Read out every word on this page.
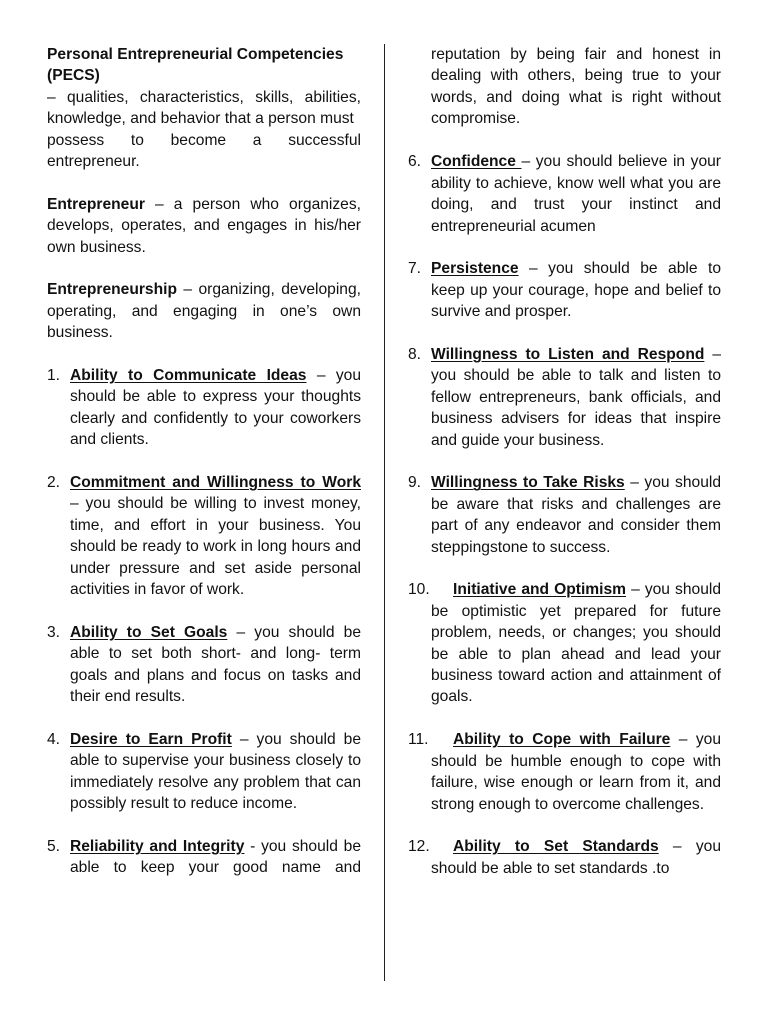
Personal Entrepreneurial Competencies (PECS)

– qualities, characteristics, skills, abilities, knowledge, and behavior that a person must

possess to become a successful entrepreneur.

Entrepreneur – a person who organizes, develops, operates, and engages in his/her own business.

Entrepreneurship – organizing, developing,

operating, and engaging in one’s own business.

1. Ability to Communicate Ideas – you should be able to express your thoughts clearly and confidently to your coworkers and clients.

2. Commitment and Willingness to Work – you should be willing to invest money, time, and effort in your business. You should be ready to work in long hours and under pressure and set aside personal activities in favor of work.

3. Ability to Set Goals – you should be able to set both short- and long- term goals and plans and focus on tasks and their end results.

4. Desire to Earn Profit – you should be able to supervise your business closely to immediately resolve any problem that can possibly result to reduce income.

5. Reliability and Integrity - you should be able to keep your good name and

reputation by being fair and honest in dealing with others, being true to your words, and doing what is right without compromise.

6. Confidence – you should believe in your ability to achieve, know well what you are doing, and trust your instinct and entrepreneurial acumen

7. Persistence – you should be able to keep up your courage, hope and belief to survive and prosper.

8. Willingness to Listen and Respond – you should be able to talk and listen to fellow entrepreneurs, bank officials, and business advisers for ideas that inspire and guide your business.

9. Willingness to Take Risks – you should be aware that risks and challenges are part of any endeavor and consider them steppingstone to success.

10.	Initiative and Optimism – you should be optimistic yet prepared for future problem, needs, or changes; you should be able to plan ahead and lead your business toward action and attainment of goals.

11.	Ability to Cope with Failure – you should be humble enough to cope with failure, wise enough or learn from it, and strong enough to overcome challenges.

12.	Ability to Set Standards – you should be able to set standards .to
